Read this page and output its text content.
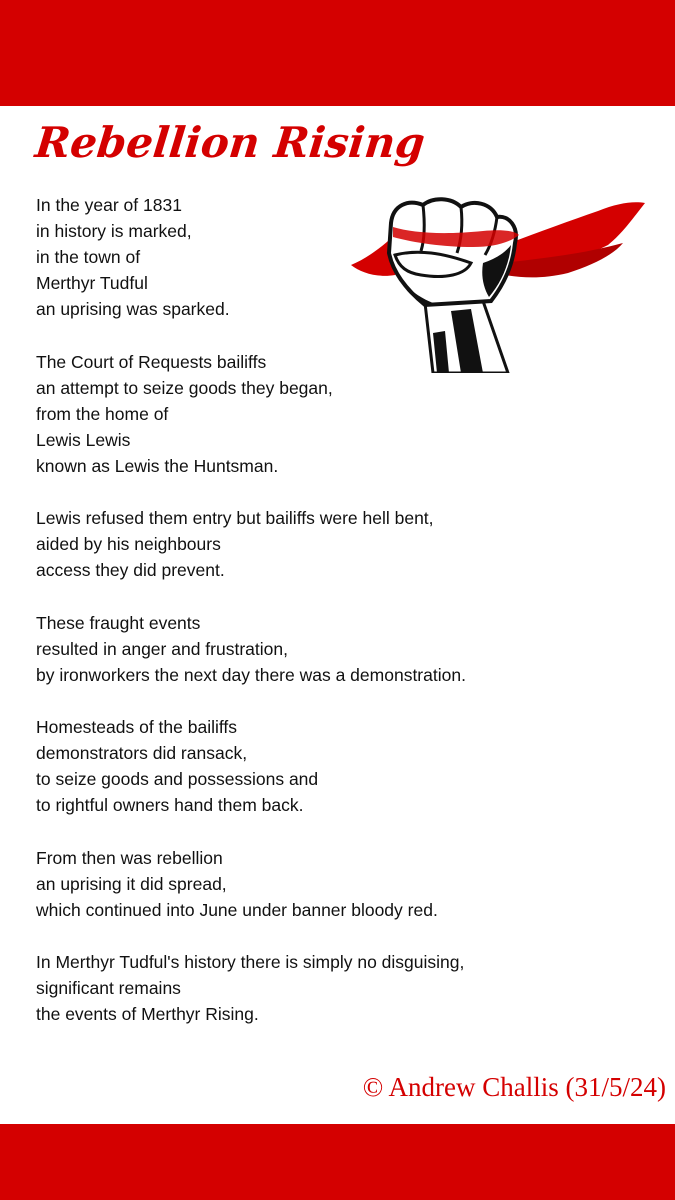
Rebellion Rising
In the year of 1831
in history is marked,
in the town of
Merthyr Tudful
an uprising was sparked.
The Court of Requests bailiffs
an attempt to seize goods they began,
from the home of
Lewis Lewis
known as Lewis the Huntsman.
Lewis refused them entry but bailiffs were hell bent,
aided by his neighbours
access they did prevent.
These fraught events
resulted in anger and frustration,
by ironworkers the next day there was a demonstration.
Homesteads of the bailiffs
demonstrators did ransack,
to seize goods and possessions and
to rightful owners hand them back.
From then was rebellion
an uprising it did spread,
which continued into June under banner bloody red.
In Merthyr Tudful's history there is simply no disguising,
significant remains
the events of Merthyr Rising.
© Andrew Challis (31/5/24)
